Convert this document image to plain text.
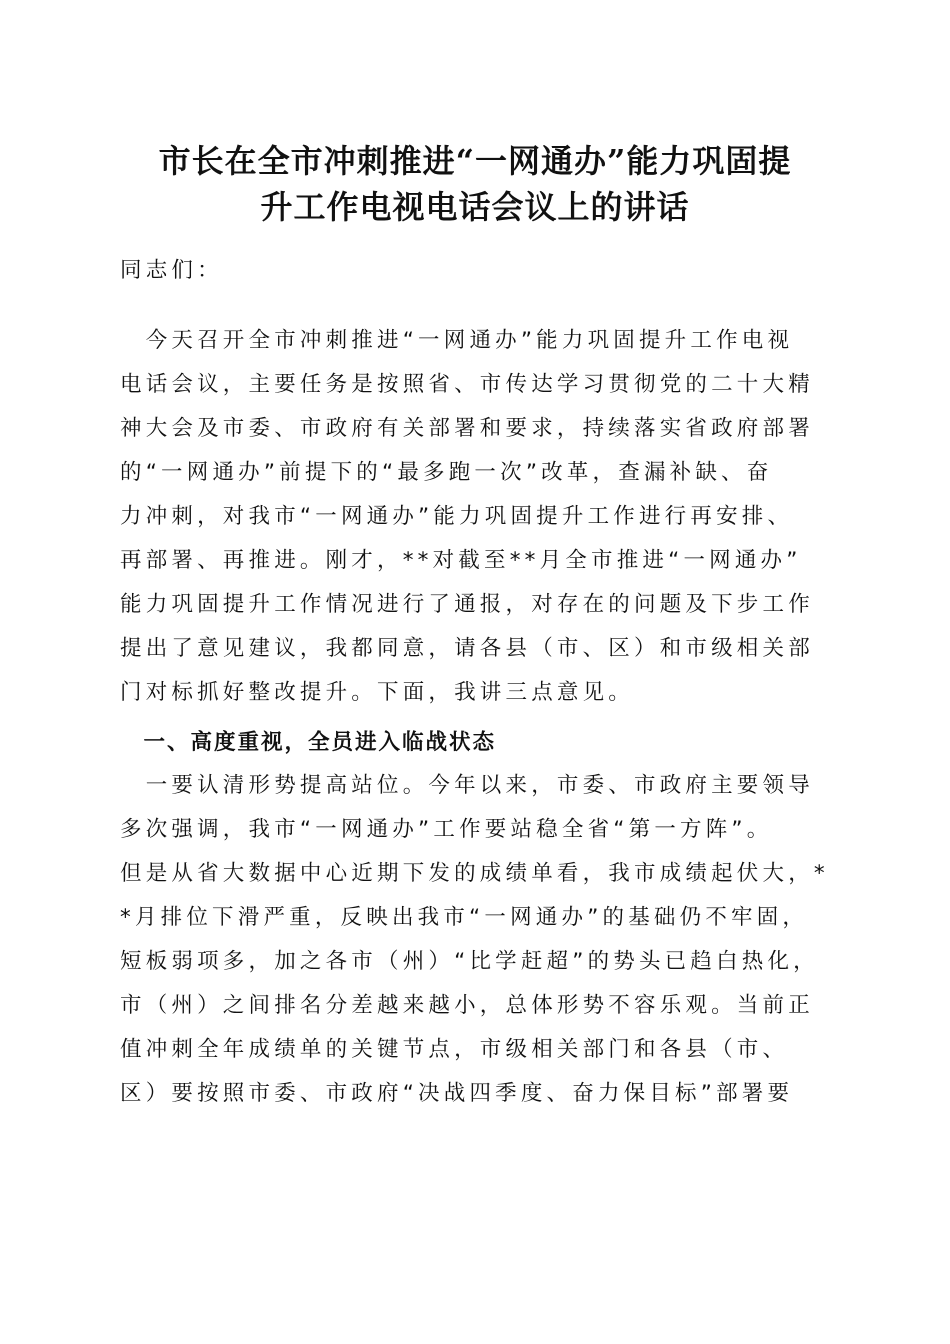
市长在全市冲刺推进“一网通办”能力巩固提
升工作电视电话会议上的讲话

同志们：

　今天召开全市冲刺推进“一网通办”能力巩固提升工作电视

电话会议，主要任务是按照省、市传达学习贯彻党的二十大精

神大会及市委、市政府有关部署和要求，持续落实省政府部署

的“一网通办”前提下的“最多跑一次”改革，查漏补缺、奋

力冲刺，对我市“一网通办”能力巩固提升工作进行再安排、

再部署、再推进。刚才，**对截至**月全市推进“一网通办”

能力巩固提升工作情况进行了通报，对存在的问题及下步工作

提出了意见建议，我都同意，请各县（市、区）和市级相关部

门对标抓好整改提升。下面，我讲三点意见。

　一、高度重视，全员进入临战状态

　一要认清形势提高站位。今年以来，市委、市政府主要领导

多次强调，我市“一网通办”工作要站稳全省“第一方阵”。

但是从省大数据中心近期下发的成绩单看，我市成绩起伏大，*

*月排位下滑严重，反映出我市“一网通办”的基础仍不牢固，

短板弱项多，加之各市（州）“比学赶超”的势头已趋白热化，

市（州）之间排名分差越来越小，总体形势不容乐观。当前正

值冲刺全年成绩单的关键节点，市级相关部门和各县（市、

区）要按照市委、市政府“决战四季度、奋力保目标”部署要
